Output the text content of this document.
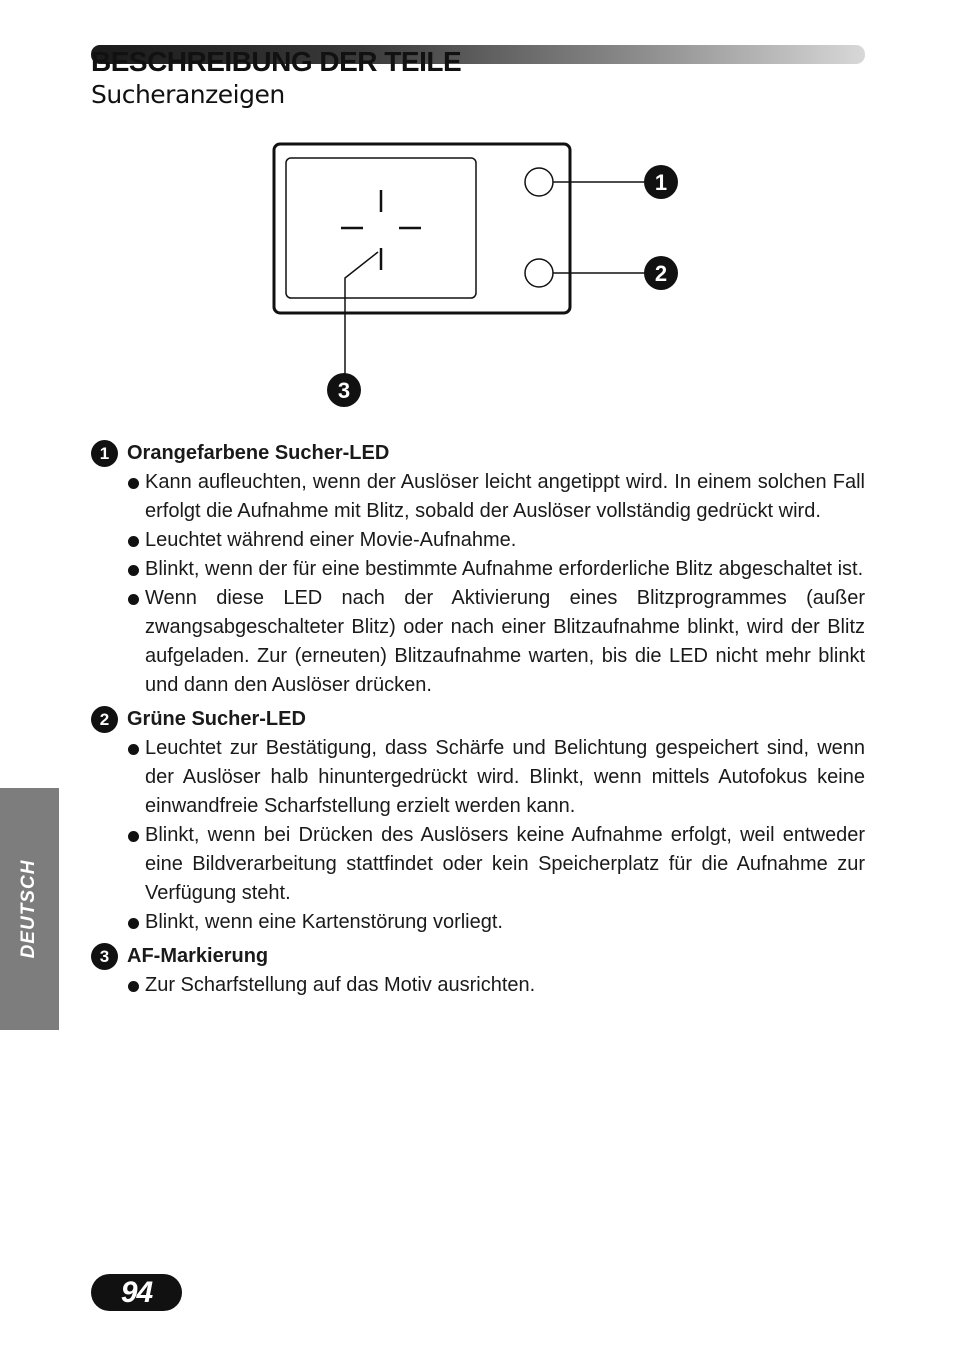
BESCHREIBUNG DER TEILE
Sucheranzeigen
1
2
3
1 Orangefarbene Sucher-LED
Kann aufleuchten, wenn der Auslöser leicht angetippt wird. In einem solchen Fall erfolgt die Aufnahme mit Blitz, sobald der Auslöser vollständig gedrückt wird.
Leuchtet während einer Movie-Aufnahme.
Blinkt, wenn der für eine bestimmte Aufnahme erforderliche Blitz abgeschaltet ist.
Wenn diese LED nach der Aktivierung eines Blitzprogrammes (außer zwangsabgeschalteter Blitz) oder nach einer Blitzaufnahme blinkt, wird der Blitz aufgeladen. Zur (erneuten) Blitzaufnahme warten, bis die LED nicht mehr blinkt und dann den Auslöser drücken.
2 Grüne Sucher-LED
Leuchtet zur Bestätigung, dass Schärfe und Belichtung gespeichert sind, wenn der Auslöser halb hinuntergedrückt wird. Blinkt, wenn mittels Autofokus keine einwandfreie Scharfstellung erzielt werden kann.
Blinkt, wenn bei Drücken des Auslösers keine Aufnahme erfolgt, weil entweder eine Bildverarbeitung stattfindet oder kein Speicherplatz für die Aufnahme zur Verfügung steht.
Blinkt, wenn eine Kartenstörung vorliegt.
3 AF-Markierung
Zur Scharfstellung auf das Motiv ausrichten.
DEUTSCH
94
